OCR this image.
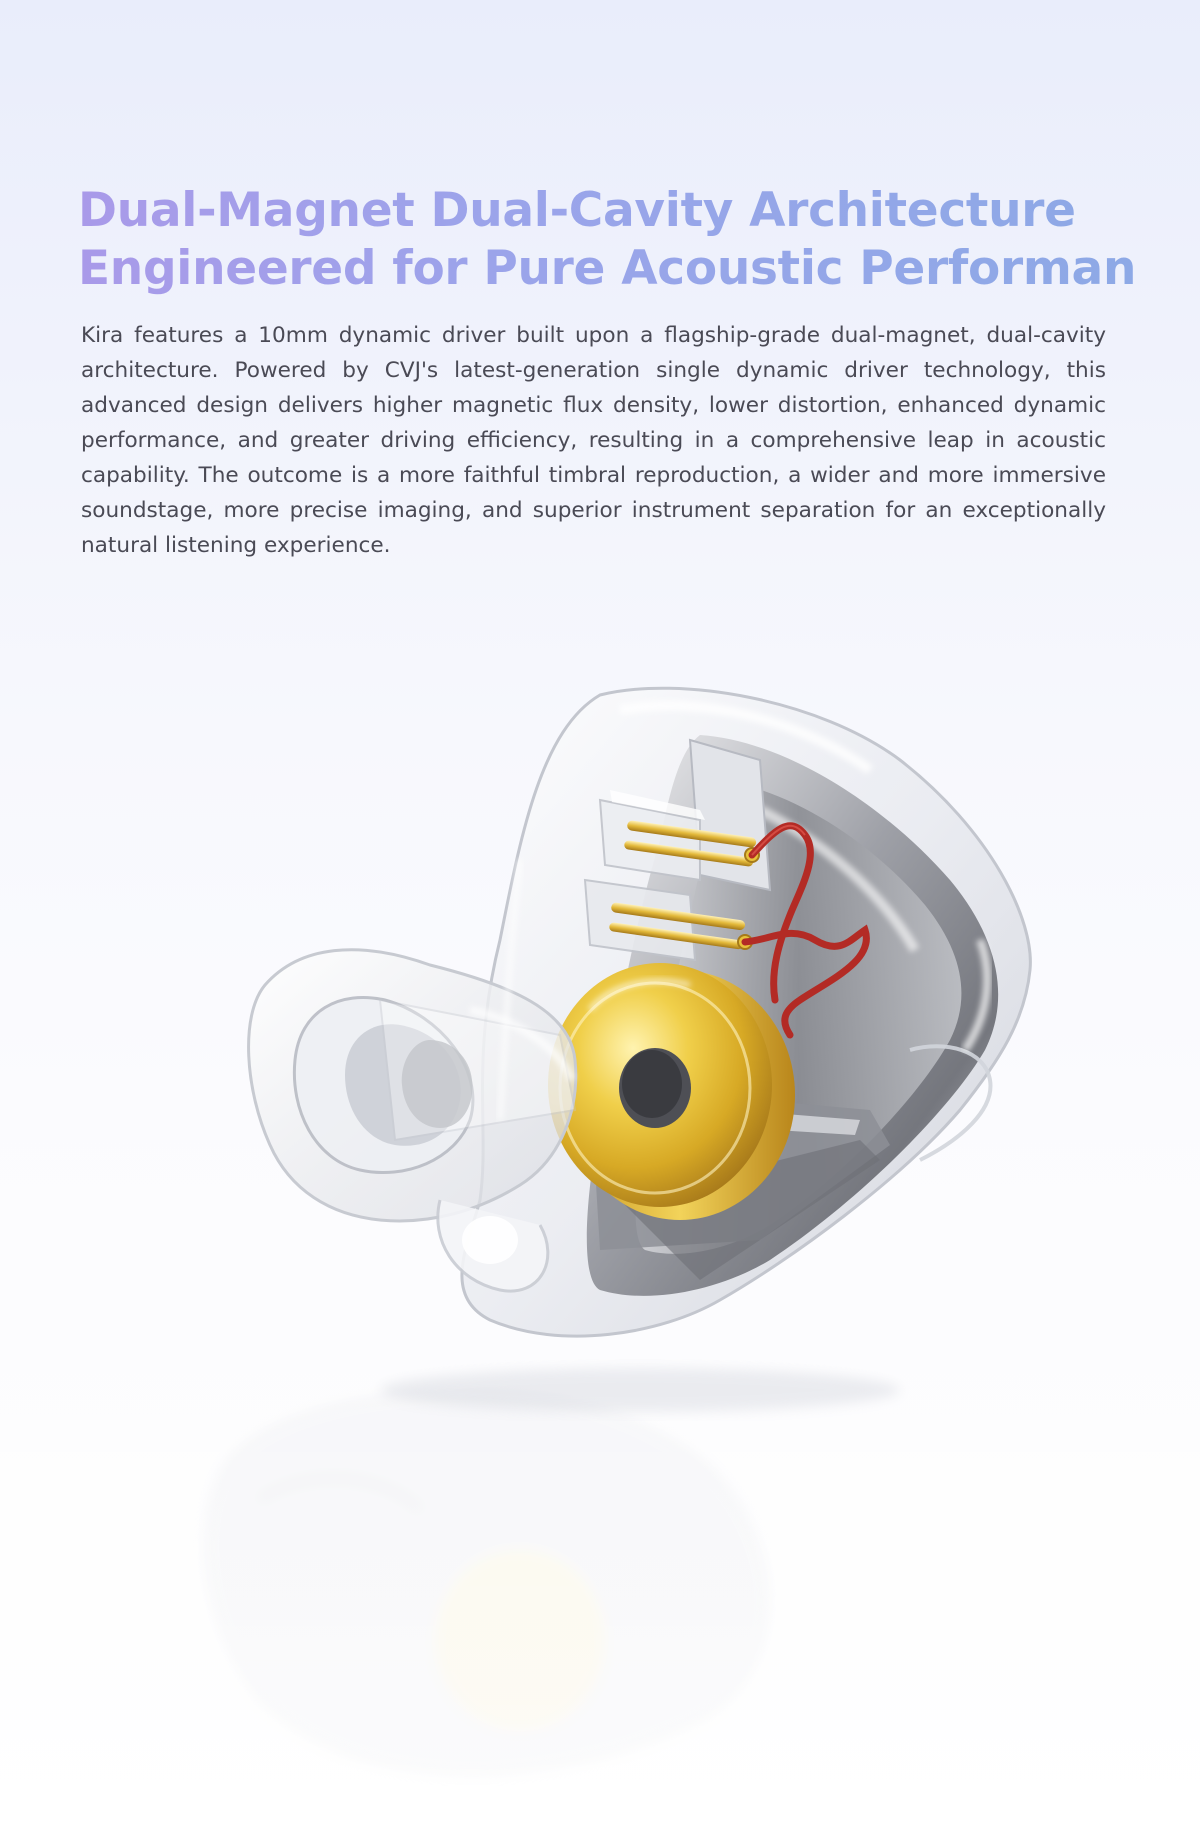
Dual-Magnet Dual-Cavity Architecture
Engineered for Pure Acoustic Performance

Kira features a 10mm dynamic driver built upon a flagship-grade dual-magnet, dual-cavity architecture. Powered by CVJ's latest-generation single dynamic driver technology, this advanced design delivers higher magnetic flux density, lower distortion, enhanced dynamic performance, and greater driving efficiency, resulting in a comprehensive leap in acoustic capability. The outcome is a more faithful timbral reproduction, a wider and more immersive soundstage, more precise imaging, and superior instrument separation for an exceptionally natural listening experience.
